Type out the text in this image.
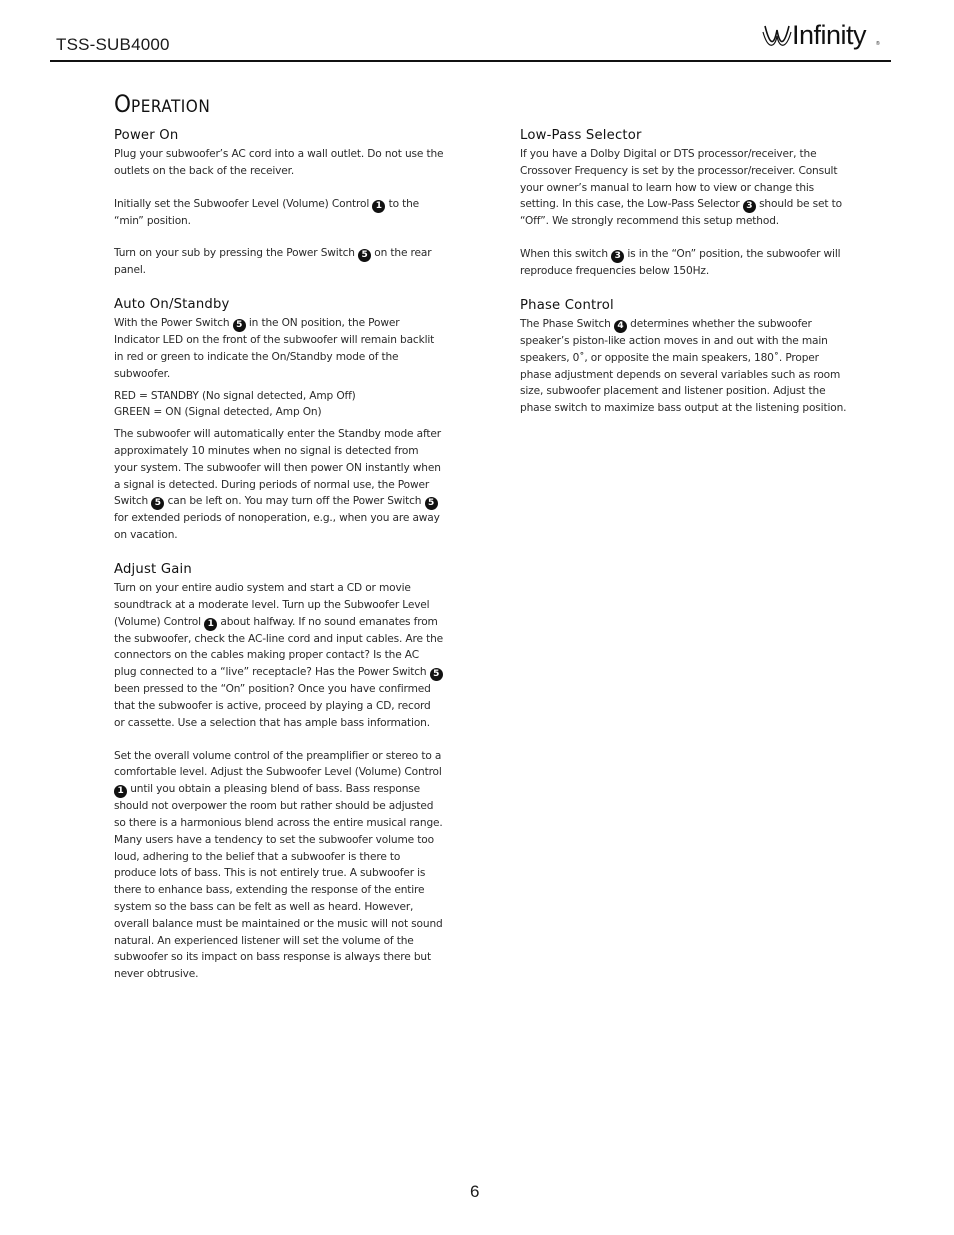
TSS-SUB4000	Infinity ®
OPERATION
Power On

Plug your subwoofer’s AC cord into a wall outlet. Do not use the outlets on the back of the receiver.

Initially set the Subwoofer Level (Volume) Control 1 to the “min” position.

Turn on your sub by pressing the Power Switch 5 on the rear panel.

Auto On/Standby

With the Power Switch 5 in the ON position, the Power Indicator LED on the front of the subwoofer will remain backlit in red or green to indicate the On/Standby mode of the subwoofer.

RED = STANDBY (No signal detected, Amp Off)
GREEN = ON (Signal detected, Amp On)

The subwoofer will automatically enter the Standby mode after approximately 10 minutes when no signal is detected from your system. The subwoofer will then power ON instantly when a signal is detected. During periods of normal use, the Power Switch 5 can be left on. You may turn off the Power Switch 5 for extended periods of nonoperation, e.g., when you are away on vacation.

Adjust Gain

Turn on your entire audio system and start a CD or movie soundtrack at a moderate level. Turn up the Subwoofer Level (Volume) Control 1 about halfway. If no sound emanates from the subwoofer, check the AC-line cord and input cables. Are the connectors on the cables making proper contact? Is the AC plug connected to a “live” receptacle? Has the Power Switch 5 been pressed to the “On” position? Once you have confirmed that the subwoofer is active, proceed by playing a CD, record or cassette. Use a selection that has ample bass information.

Set the overall volume control of the preamplifier or stereo to a comfortable level. Adjust the Subwoofer Level (Volume) Control 1 until you obtain a pleasing blend of bass. Bass response should not overpower the room but rather should be adjusted so there is a harmonious blend across the entire musical range. Many users have a tendency to set the subwoofer volume too loud, adhering to the belief that a subwoofer is there to produce lots of bass. This is not entirely true. A subwoofer is there to enhance bass, extending the response of the entire system so the bass can be felt as well as heard. However, overall balance must be maintained or the music will not sound natural. An experienced listener will set the volume of the subwoofer so its impact on bass response is always there but never obtrusive.

Low-Pass Selector

If you have a Dolby Digital or DTS processor/receiver, the Crossover Frequency is set by the processor/receiver. Consult your owner’s manual to learn how to view or change this setting. In this case, the Low-Pass Selector 3 should be set to “Off”. We strongly recommend this setup method.

When this switch 3 is in the “On” position, the subwoofer will reproduce frequencies below 150Hz.

Phase Control

The Phase Switch 4 determines whether the subwoofer speaker’s piston-like action moves in and out with the main speakers, 0˚, or opposite the main speakers, 180˚. Proper phase adjustment depends on several variables such as room size, subwoofer placement and listener position. Adjust the phase switch to maximize bass output at the listening position.

6
